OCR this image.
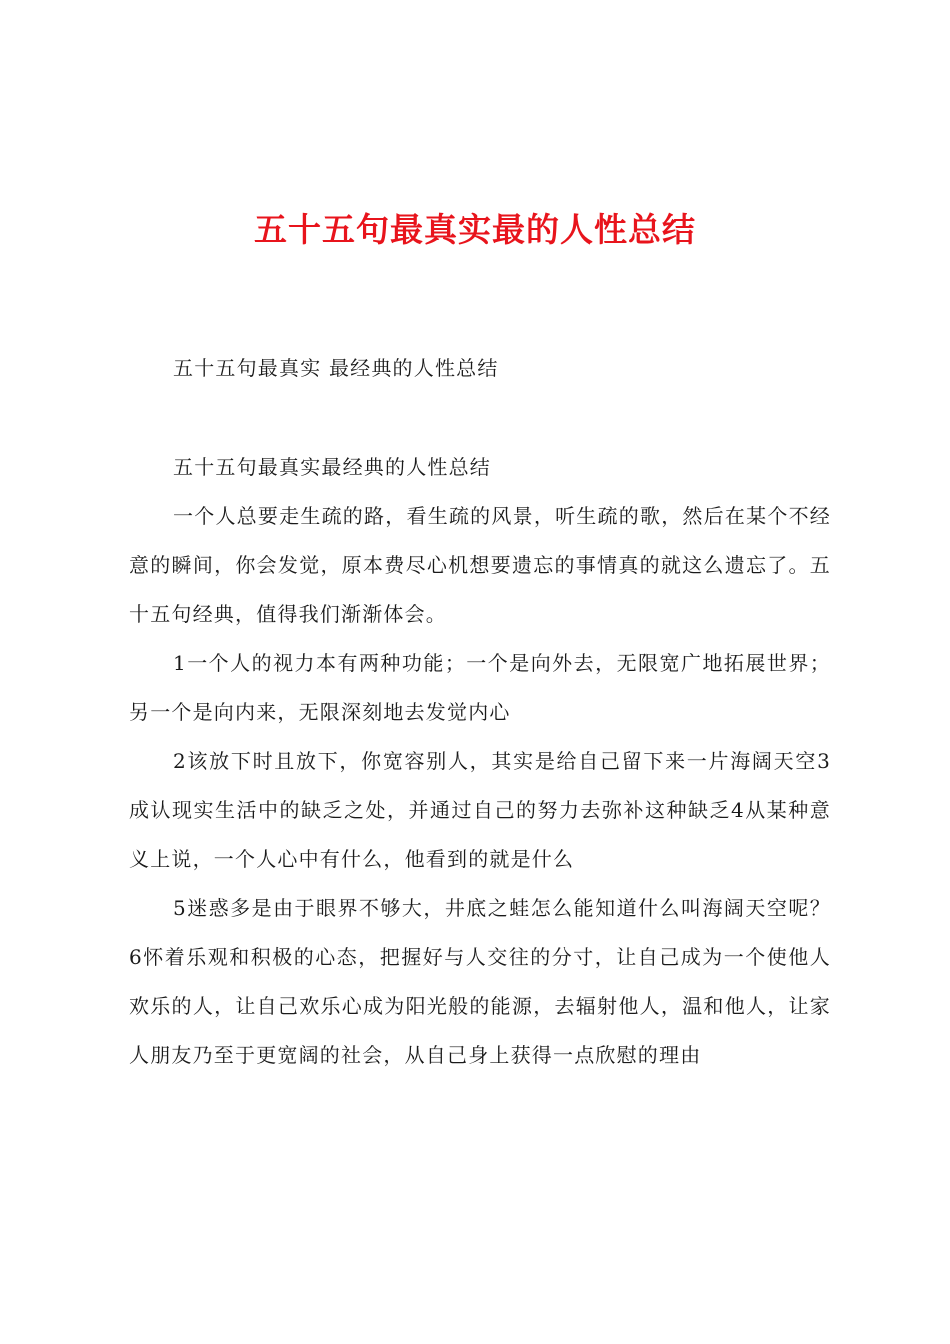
五十五句最真实最的人性总结

五十五句最真实 最经典的人性总结

五十五句最真实最经典的人性总结

一个人总要走生疏的路，看生疏的风景，听生疏的歌，然后在某个不经意的瞬间，你会发觉，原本费尽心机想要遗忘的事情真的就这么遗忘了。五十五句经典，值得我们渐渐体会。

1一个人的视力本有两种功能；一个是向外去，无限宽广地拓展世界；另一个是向内来，无限深刻地去发觉内心

2该放下时且放下，你宽容别人，其实是给自己留下来一片海阔天空3成认现实生活中的缺乏之处，并通过自己的努力去弥补这种缺乏4从某种意义上说，一个人心中有什么，他看到的就是什么

5迷惑多是由于眼界不够大，井底之蛙怎么能知道什么叫海阔天空呢？6怀着乐观和积极的心态，把握好与人交往的分寸，让自己成为一个使他人欢乐的人，让自己欢乐心成为阳光般的能源，去辐射他人，温和他人，让家人朋友乃至于更宽阔的社会，从自己身上获得一点欣慰的理由
